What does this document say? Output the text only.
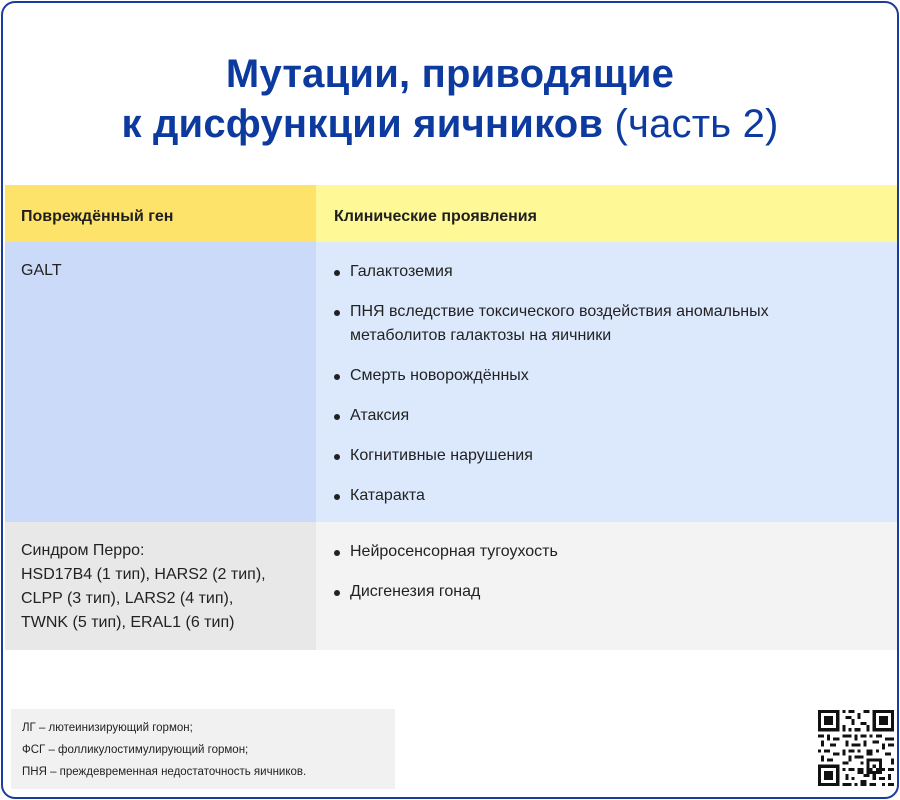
Мутации, приводящие
к дисфункции яичников (часть 2)
Повреждённый ген	Клинические проявления
GALT	Галактоземия
ПНЯ вследствие токсического воздействия аномальных метаболитов галактозы на яичники
Смерть новорождённых
Атаксия
Когнитивные нарушения
Катаракта
Синдром Перро:
HSD17B4 (1 тип), HARS2 (2 тип),
CLPP (3 тип), LARS2 (4 тип),
TWNK (5 тип), ERAL1 (6 тип)
Нейросенсорная тугоухость
Дисгенезия гонад
ЛГ – лютеинизирующий гормон;
ФСГ – фолликулостимулирующий гормон;
ПНЯ – преждевременная недостаточность яичников.
